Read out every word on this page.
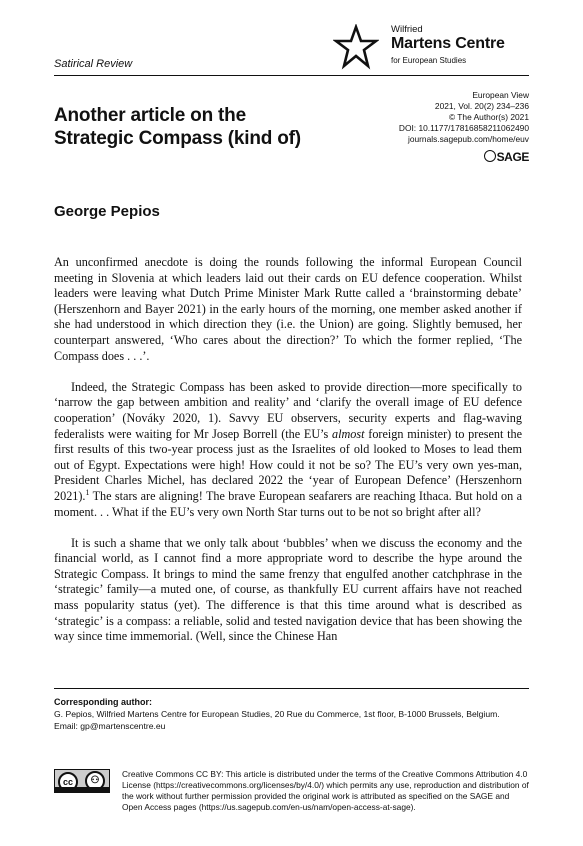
Satirical Review
Wilfried
Martens Centre
for European Studies
European View
2021, Vol. 20(2) 234–236
© The Author(s) 2021
DOI: 10.1177/17816858211062490
journals.sagepub.com/home/euv
SAGE
Another article on the
Strategic Compass (kind of)
George Pepios

An unconfirmed anecdote is doing the rounds following the informal European Council meeting in Slovenia at which leaders laid out their cards on EU defence cooperation. Whilst leaders were leaving what Dutch Prime Minister Mark Rutte called a ‘brainstorming debate’ (Herszenhorn and Bayer 2021) in the early hours of the morning, one member asked another if she had understood in which direction they (i.e. the Union) are going. Slightly bemused, her counterpart answered, ‘Who cares about the direction?’ To which the former replied, ‘The Compass does . . .’.

Indeed, the Strategic Compass has been asked to provide direction—more specifically to ‘narrow the gap between ambition and reality’ and ‘clarify the overall image of EU defence cooperation’ (Nováky 2020, 1). Savvy EU observers, security experts and flag-waving federalists were waiting for Mr Josep Borrell (the EU’s almost foreign minister) to present the first results of this two-year process just as the Israelites of old looked to Moses to lead them out of Egypt. Expectations were high! How could it not be so? The EU’s very own yes-man, President Charles Michel, has declared 2022 the ‘year of European Defence’ (Herszenhorn 2021).$^1$ The stars are aligning! The brave European seafarers are reaching Ithaca. But hold on a moment. . . What if the EU’s very own North Star turns out to be not so bright after all?

It is such a shame that we only talk about ‘bubbles’ when we discuss the economy and the financial world, as I cannot find a more appropriate word to describe the hype around the Strategic Compass. It brings to mind the same frenzy that engulfed another catchphrase in the ‘strategic’ family—a muted one, of course, as thankfully EU current affairs have not reached mass popularity status (yet). The difference is that this time around what is described as ‘strategic’ is a compass: a reliable, solid and tested navigation device that has been showing the way since time immemorial. (Well, since the Chinese Han

Corresponding author:
G. Pepios, Wilfried Martens Centre for European Studies, 20 Rue du Commerce, 1st floor, B-1000 Brussels, Belgium.
Email: gp@martenscentre.eu
cc	⚇
Creative Commons CC BY: This article is distributed under the terms of the Creative Commons Attribution 4.0 License (https://creativecommons.org/licenses/by/4.0/) which permits any use, reproduction and distribution of the work without further permission provided the original work is attributed as specified on the SAGE and Open Access pages (https://us.sagepub.com/en-us/nam/open-access-at-sage).
